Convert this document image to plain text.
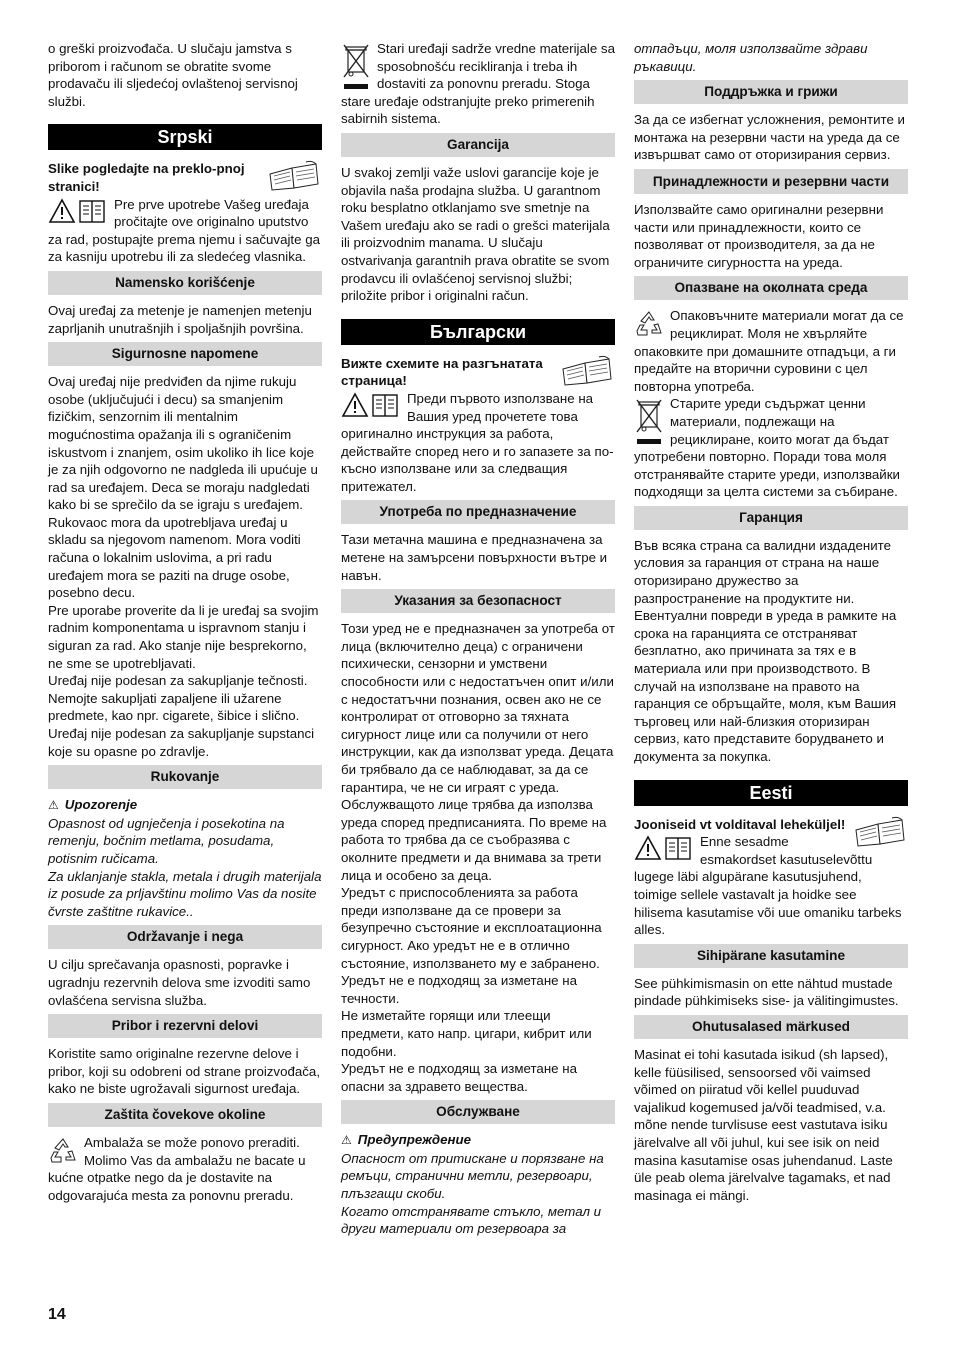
o greški proizvođača. U slučaju jamstva s priborom i računom se obratite svome prodavaču ili sljedećoj ovlaštenoj servisnoj službi.

Srpski

Slike pogledajte na preklo-pnoj stranici!

Pre prve upotrebe Vašeg uređaja pročitajte ove originalno uputstvo za rad, postupajte prema njemu i sačuvajte ga za kasniju upotrebu ili za sledećeg vlasnika.

Namensko korišćenje

Ovaj uređaj za metenje je namenjen metenju zaprljanih unutrašnjih i spoljašnjih površina.

Sigurnosne napomene

Ovaj uređaj nije predviđen da njime rukuju osobe (uključujući i decu) sa smanjenim fizičkim, senzornim ili mentalnim mogućnostima opažanja ili s ograničenim iskustvom i znanjem, osim ukoliko ih lice koje je za njih odgovorno ne nadgleda ili upućuje u rad sa uređajem. Deca se moraju nadgledati kako bi se sprečilo da se igraju s uređajem.

Rukovaoc mora da upotrebljava uređaj u skladu sa njegovom namenom. Mora voditi računa o lokalnim uslovima, a pri radu uređajem mora se paziti na druge osobe, posebno decu.

Pre uporabe proverite da li je uređaj sa svojim radnim komponentama u ispravnom stanju i siguran za rad. Ako stanje nije besprekorno, ne sme se upotrebljavati.

Uređaj nije podesan za sakupljanje tečnosti.

Nemojte sakupljati zapaljene ili užarene predmete, kao npr. cigarete, šibice i slično.

Uređaj nije podesan za sakupljanje supstanci koje su opasne po zdravlje.

Rukovanje

⚠ Upozorenje

Opasnost od ugnječenja i posekotina na remenju, bočnim metlama, posudama, potisnim ručicama.

Za uklanjanje stakla, metala i drugih materijala iz posude za prljavštinu molimo Vas da nosite čvrste zaštitne rukavice..

Održavanje i nega

U cilju sprečavanja opasnosti, popravke i ugradnju rezervnih delova sme izvoditi samo ovlašćena servisna služba.

Pribor i rezervni delovi

Koristite samo originalne rezervne delove i pribor, koji su odobreni od strane proizvođača, kako ne biste ugrožavali sigurnost uređaja.

Zaštita čovekove okoline

Ambalaža se može ponovo preraditi. Molimo Vas da ambalažu ne bacate u kućne otpatke nego da je dostavite na odgovarajuća mesta za ponovnu preradu.

Stari uređaji sadrže vredne materijale sa sposobnošću recikliranja i treba ih dostaviti za ponovnu preradu. Stoga stare uređaje odstranjujte preko primerenih sabirnih sistema.

Garancija

U svakoj zemlji važe uslovi garancije koje je objavila naša prodajna služba. U garantnom roku besplatno otklanjamo sve smetnje na Vašem uređaju ako se radi o grešci materijala ili proizvodnim manama. U slučaju ostvarivanja garantnih prava obratite se svom prodavcu ili ovlašćenoj servisnoj službi; priložite pribor i originalni račun.

Български

Вижте схемите на разгънатата страница!

Преди първото използване на Вашия уред прочетете това оригинално инструкция за работа, действайте според него и го запазете за по-късно използване или за следващия притежател.

Употреба по предназначение

Тази метачна машина е предназначена за метене на замърсени повърхности вътре и навън.

Указания за безопасност

Този уред не е предназначен за употреба от лица (включително деца) с ограничени психически, сензорни и умствени способности или с недостатъчен опит и/или с недостатъчни познания, освен ако не се контролират от отговорно за тяхната сигурност лице или са получили от него инструкции, как да използват уреда. Децата би трябвало да се наблюдават, за да се гарантира, че не си играят с уреда.

Обслужващото лице трябва да използва уреда според предписанията. По време на работа то трябва да се съобразява с околните предмети и да внимава за трети лица и особено за деца.

Уредът с приспособленията за работа преди използване да се провери за безупречно състояние и експлоатационна сигурност. Ако уредът не е в отлично състояние, използването му е забранено.

Уредът не е подходящ за изметане на течности.

Не изметайте горящи или тлеещи предмети, като напр. цигари, кибрит или подобни.

Уредът не е подходящ за изметане на опасни за здравето вещества.

Обслужване

⚠ Предупреждение

Опасност от притискане и порязване на ремъци, странични метли, резервоари, плъзгащи скоби.

Когато отстранявате стъкло, метал и други материали от резервоара за

отпадъци, моля използвайте здрави ръкавици.

Поддръжка и грижи

За да се избегнат усложнения, ремонтите и монтажа на резервни части на уреда да се извършват само от оторизирания сервиз.

Принадлежности и резервни части

Използвайте само оригинални резервни части или принадлежности, които се позволяват от производителя, за да не ограничите сигурността на уреда.

Опазване на околната среда

Опаковъчните материали могат да се рециклират. Моля не хвърляйте опаковките при домашните отпадъци, а ги предайте на вторични суровини с цел повторна употреба.

Старите уреди съдържат ценни материали, подлежащи на рециклиране, които могат да бъдат употребени повторно. Поради това моля отстранявайте старите уреди, използвайки подходящи за целта системи за събиране.

Гаранция

Във всяка страна са валидни издадените условия за гаранция от страна на наше оторизирано дружество за разпространение на продуктите ни. Евентуални повреди в уреда в рамките на срока на гаранцията се отстраняват безплатно, ако причината за тях е в материала или при производството. В случай на използване на правото на гаранция се обръщайте, моля, към Вашия търговец или най-близкия оторизиран сервиз, като представите борудването и документа за покупка.

Eesti

Jooniseid vt volditaval leheküljel!

Enne sesadme esmakordset kasutuselevõttu lugege läbi algupärane kasutusjuhend, toimige sellele vastavalt ja hoidke see hilisema kasutamise või uue omaniku tarbeks alles.

Sihipärane kasutamine

See pühkimismasin on ette nähtud mustade pindade pühkimiseks sise- ja välitingimustes.

Ohutusalased märkused

Masinat ei tohi kasutada isikud (sh lapsed), kelle füüsilised, sensoorsed või vaimsed võimed on piiratud või kellel puuduvad vajalikud kogemused ja/või teadmised, v.a. mõne nende turvlisuse eest vastutava isiku järelvalve all või juhul, kui see isik on neid masina kasutamise osas juhendanud. Laste üle peab olema järelvalve tagamaks, et nad masinaga ei mängi.

14
